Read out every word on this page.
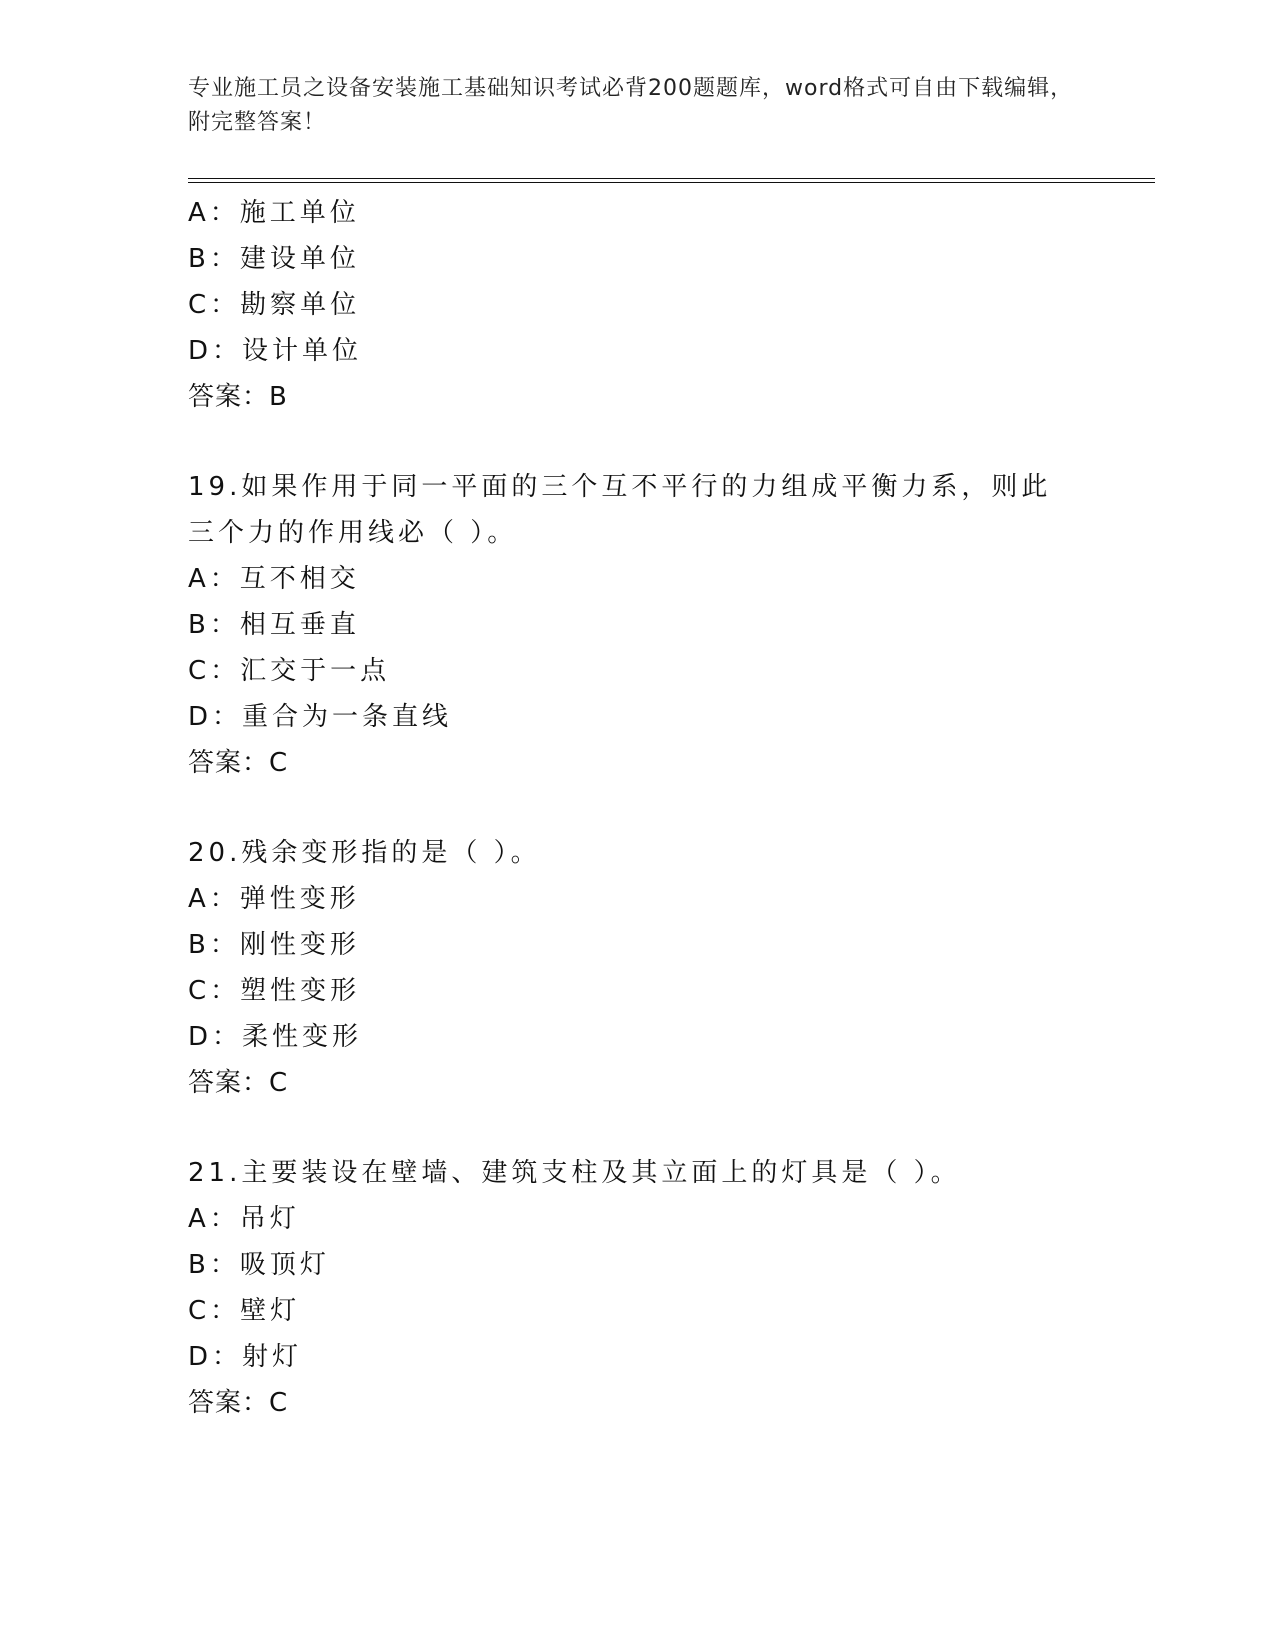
专业施工员之设备安装施工基础知识考试必背200题题库，word格式可自由下载编辑，附完整答案！
A：施工单位
B：建设单位
C：勘察单位
D：设计单位
答案：B
19.如果作用于同一平面的三个互不平行的力组成平衡力系，则此三个力的作用线必（ ）。
A：互不相交
B：相互垂直
C：汇交于一点
D：重合为一条直线
答案：C
20.残余变形指的是（ ）。
A：弹性变形
B：刚性变形
C：塑性变形
D：柔性变形
答案：C
21.主要装设在壁墙、建筑支柱及其立面上的灯具是（ ）。
A：吊灯
B：吸顶灯
C：壁灯
D：射灯
答案：C
